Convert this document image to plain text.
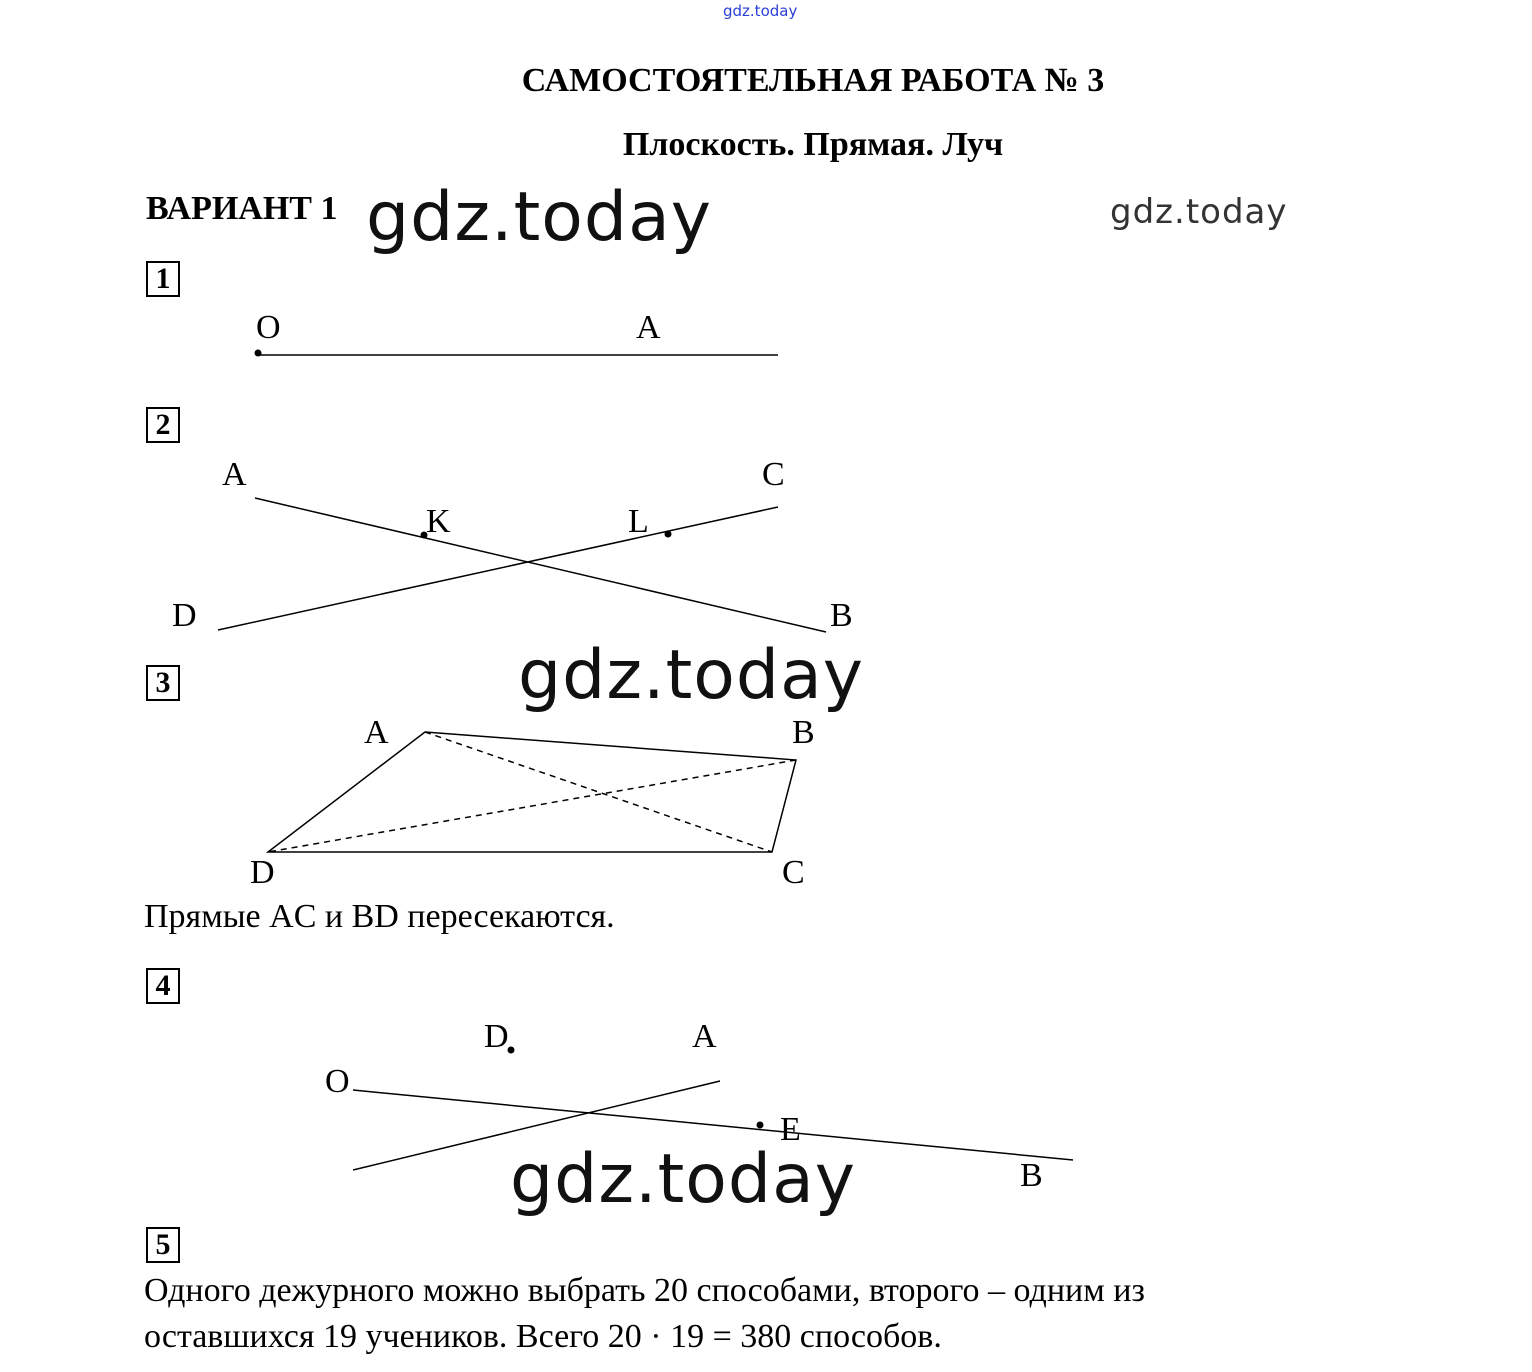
gdz.today
САМОСТОЯТЕЛЬНАЯ РАБОТА № 3
Плоскость. Прямая. Луч
ВАРИАНТ 1 gdz.today	gdz.today
gdz.today
gdz.today
1
2
3
4
5
Прямые AC и BD пересекаются.
Одного дежурного можно выбрать 20 способами, второго – одним из
оставшихся 19 учеников. Всего 20 · 19 = 380 способов.
O	A
A	C
K	L
D	B
A	B
D	C
D	A
O
E
B
